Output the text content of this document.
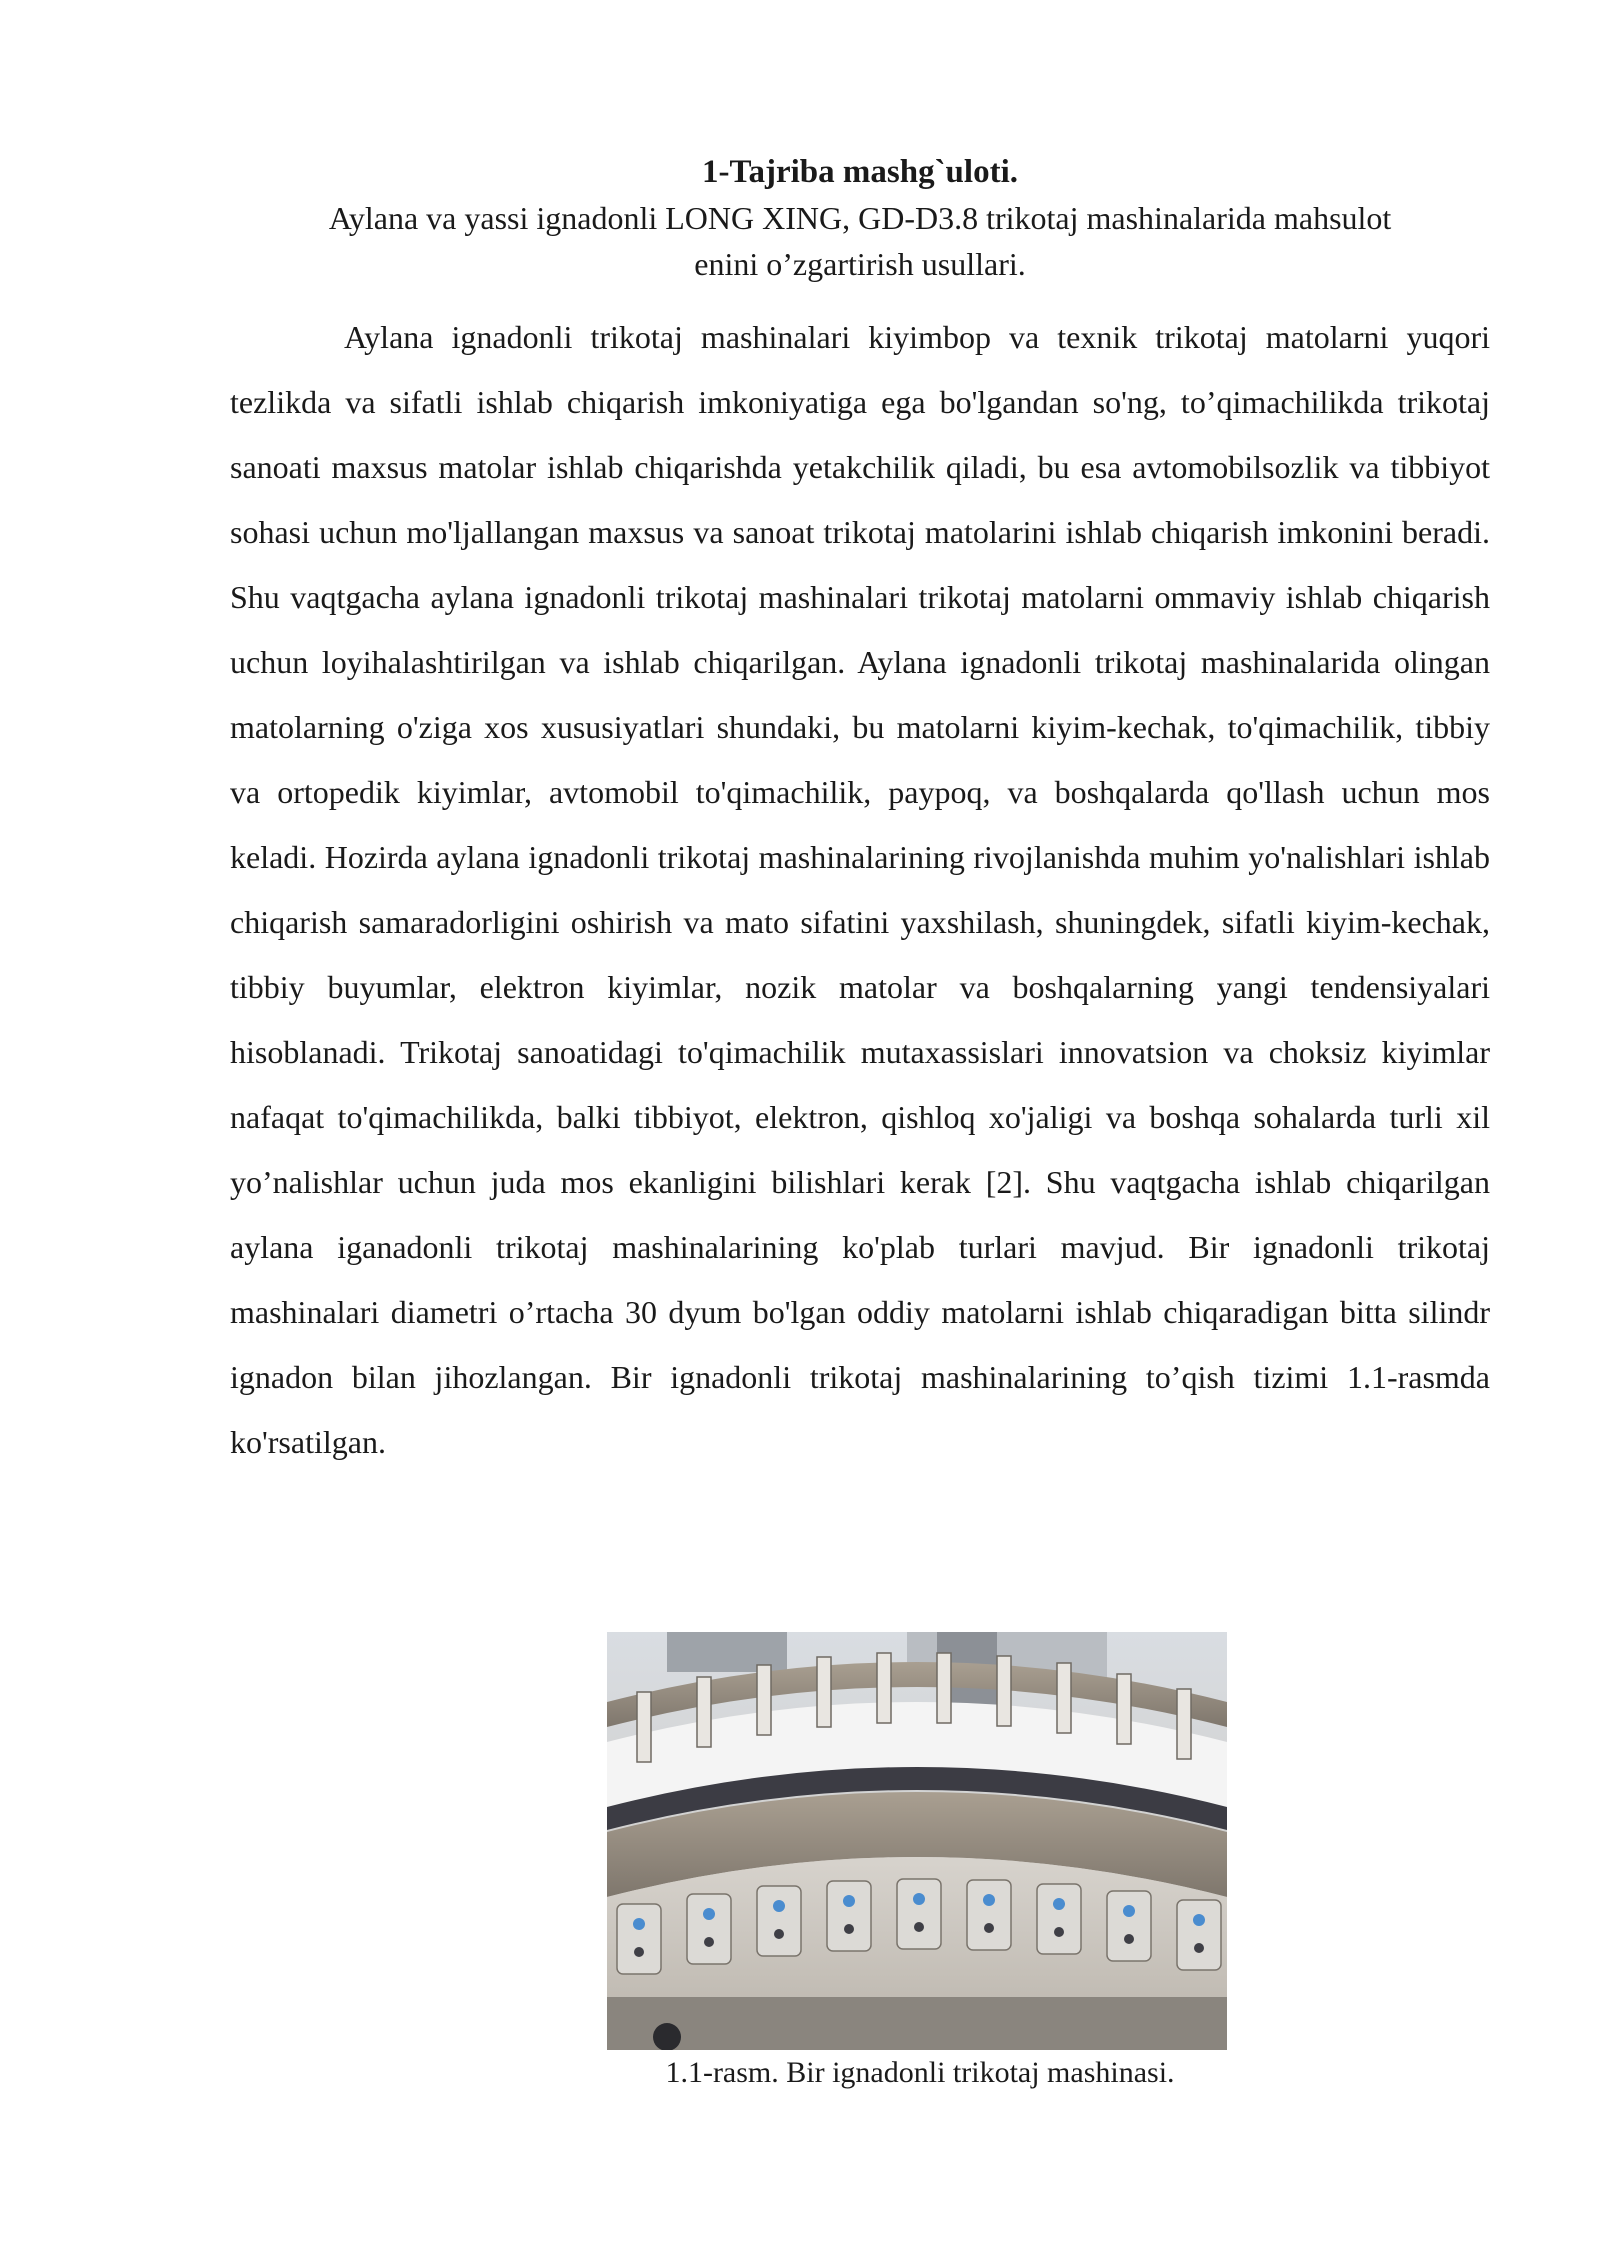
1-Tajriba mashg`uloti.
Aylana va yassi ignadonli LONG XING, GD-D3.8 trikotaj mashinalarida mahsulot
enini o’zgartirish usullari.

Aylana ignadonli trikotaj mashinalari kiyimbop va texnik trikotaj matolarni yuqori tezlikda va sifatli ishlab chiqarish imkoniyatiga ega bo'lgandan so'ng, to’qimachilikda trikotaj sanoati maxsus matolar ishlab chiqarishda yetakchilik qiladi, bu esa avtomobilsozlik va tibbiyot sohasi uchun mo'ljallangan maxsus va sanoat trikotaj matolarini ishlab chiqarish imkonini beradi. Shu vaqtgacha aylana ignadonli trikotaj mashinalari trikotaj matolarni ommaviy ishlab chiqarish uchun loyihalashtirilgan va ishlab chiqarilgan. Aylana ignadonli trikotaj mashinalarida olingan matolarning o'ziga xos xususiyatlari shundaki, bu matolarni kiyim-kechak, to'qimachilik, tibbiy va ortopedik kiyimlar, avtomobil to'qimachilik, paypoq, va boshqalarda qo'llash uchun mos keladi. Hozirda aylana ignadonli trikotaj mashinalarining rivojlanishda muhim yo'nalishlari ishlab chiqarish samaradorligini oshirish va mato sifatini yaxshilash, shuningdek, sifatli kiyim-kechak, tibbiy buyumlar, elektron kiyimlar, nozik matolar va boshqalarning yangi tendensiyalari hisoblanadi. Trikotaj sanoatidagi to'qimachilik mutaxassislari innovatsion va choksiz kiyimlar nafaqat to'qimachilikda, balki tibbiyot, elektron, qishloq xo'jaligi va boshqa sohalarda turli xil yo’nalishlar uchun juda mos ekanligini bilishlari kerak [2]. Shu vaqtgacha ishlab chiqarilgan aylana iganadonli trikotaj mashinalarining ko'plab turlari mavjud. Bir ignadonli trikotaj mashinalari diametri o’rtacha 30 dyum bo'lgan oddiy matolarni ishlab chiqaradigan bitta silindr ignadon bilan jihozlangan. Bir ignadonli trikotaj mashinalarining to’qish tizimi 1.1-rasmda ko'rsatilgan.

1.1-rasm. Bir ignadonli trikotaj mashinasi.
